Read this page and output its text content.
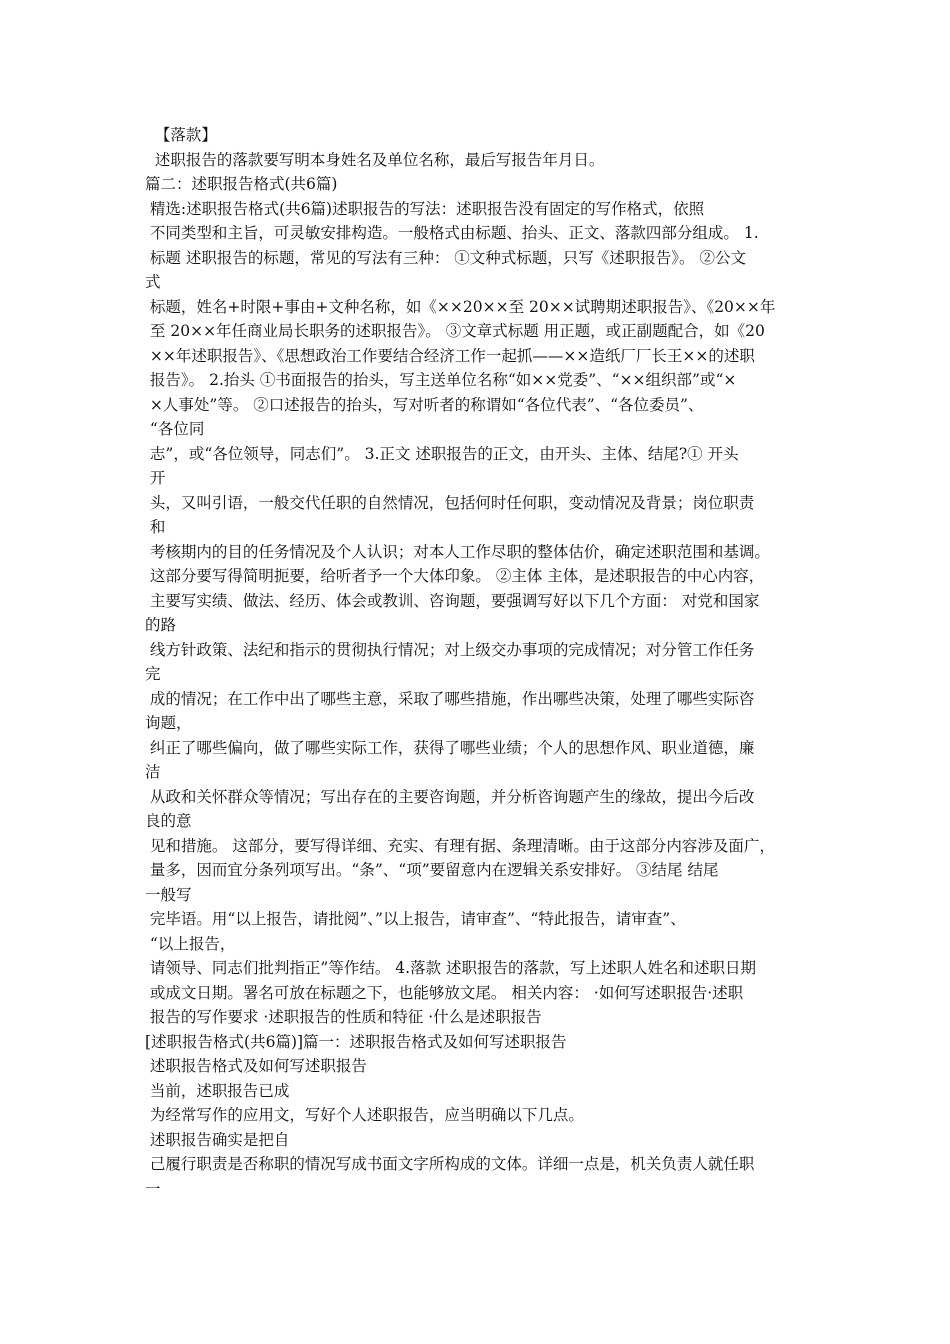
【落款】
述职报告的落款要写明本身姓名及单位名称，最后写报告年月日。
篇二：述职报告格式(共6篇)
精选:述职报告格式(共6篇)述职报告的写法：述职报告没有固定的写作格式，依照
不同类型和主旨，可灵敏安排构造。一般格式由标题、抬头、正文、落款四部分组成。 1.
标题 述职报告的标题，常见的写法有三种： ①文种式标题，只写《述职报告》。 ②公文
式
标题，姓名+时限+事由+文种名称，如《××20××至 20××试聘期述职报告》、《20××年
至 20××年任商业局长职务的述职报告》。 ③文章式标题 用正题，或正副题配合，如《20
××年述职报告》、《思想政治工作要结合经济工作一起抓——××造纸厂厂长王××的述职
报告》。 2.抬头 ①书面报告的抬头，写主送单位名称“如××党委”、“××组织部”或“×
×人事处”等。 ②口述报告的抬头，写对听者的称谓如“各位代表”、“各位委员”、
“各位同
志”，或“各位领导，同志们”。 3.正文 述职报告的正文，由开头、主体、结尾?① 开头
开
头，又叫引语，一般交代任职的自然情况，包括何时任何职，变动情况及背景；岗位职责
和
考核期内的目的任务情况及个人认识；对本人工作尽职的整体估价，确定述职范围和基调。
这部分要写得简明扼要，给听者予一个大体印象。 ②主体 主体，是述职报告的中心内容，
主要写实绩、做法、经历、体会或教训、咨询题，要强调写好以下几个方面： 对党和国家
的路
线方针政策、法纪和指示的贯彻执行情况；对上级交办事项的完成情况；对分管工作任务
完
成的情况；在工作中出了哪些主意，采取了哪些措施，作出哪些决策，处理了哪些实际咨
询题，
纠正了哪些偏向，做了哪些实际工作，获得了哪些业绩；个人的思想作风、职业道德，廉
洁
从政和关怀群众等情况；写出存在的主要咨询题，并分析咨询题产生的缘故，提出今后改
良的意
见和措施。 这部分，要写得详细、充实、有理有据、条理清晰。由于这部分内容涉及面广，
量多，因而宜分条列项写出。“条”、“项”要留意内在逻辑关系安排好。 ③结尾 结尾
一般写
完毕语。用“以上报告，请批阅”、”以上报告，请审查”、“特此报告，请审查”、
“以上报告，
请领导、同志们批判指正”等作结。 4.落款 述职报告的落款，写上述职人姓名和述职日期
或成文日期。署名可放在标题之下，也能够放文尾。 相关内容： ·如何写述职报告·述职
报告的写作要求 ·述职报告的性质和特征 ·什么是述职报告
[述职报告格式(共6篇)]篇一：述职报告格式及如何写述职报告
述职报告格式及如何写述职报告
当前，述职报告已成
为经常写作的应用文，写好个人述职报告，应当明确以下几点。
述职报告确实是把自
己履行职责是否称职的情况写成书面文字所构成的文体。详细一点是，机关负责人就任职
一
